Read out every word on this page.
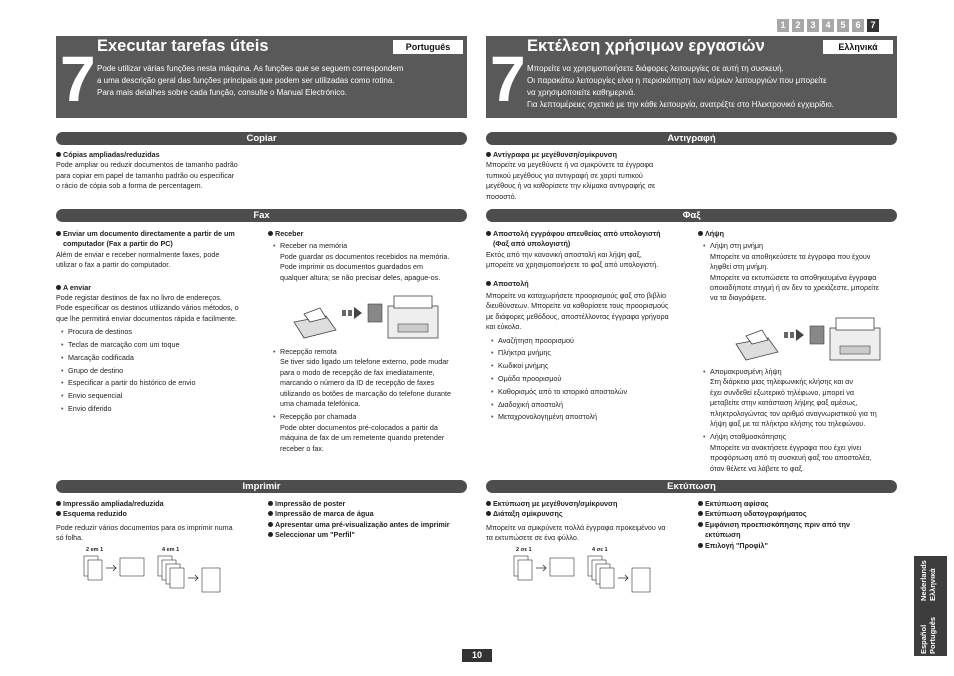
1	2	3	4	5	6	7
7 Executar tarefas úteis	Português
Pode utilizar várias funções nesta máquina. As funções que se seguem correspondem
a uma descrição geral das funções principais que podem ser utilizadas como rotina.
Para mais detalhes sobre cada função, consulte o Manual Electrónico.
Copiar
Cópias ampliadas/reduzidas
Pode ampliar ou reduzir documentos de tamanho padrão
para copiar em papel de tamanho padrão ou especificar
o rácio de cópia sob a forma de percentagem.
Fax
Enviar um documento directamente a partir de um
computador (Fax a partir do PC)
Além de enviar e receber normalmente faxes, pode
utilizar o fax a partir do computador.
A enviar
Pode registar destinos de fax no livro de endereços.
Pode especificar os destinos utilizando vários métodos, o
que lhe permitirá enviar documentos rápida e facilmente.
• Procura de destinos
• Teclas de marcação com um toque
• Marcação codificada
• Grupo de destino
• Especificar a partir do histórico de envio
• Envio sequencial
• Envio diferido
Receber
• Receber na memória
Pode guardar os documentos recebidos na memória.
Pode imprimir os documentos guardados em
qualquer altura; se não precisar deles, apague-os.
• Recepção remota
Se tiver sido ligado um telefone externo, pode mudar
para o modo de recepção de fax imediatamente,
marcando o número da ID de recepção de faxes
utilizando os botões de marcação do telefone durante
uma chamada telefónica.
• Recepção por chamada
Pode obter documentos pré-colocados a partir da
máquina de fax de um remetente quando pretender
receber o fax.
Imprimir
Impressão ampliada/reduzida
Esquema reduzido
Pode reduzir vários documentos para os imprimir numa
só folha.
Impressão de poster
Impressão de marca de água
Apresentar uma pré-visualização antes de imprimir
Seleccionar um "Perfil"
2 em 1	4 em 1
7 Εκτέλεση χρήσιμων εργασιών	Ελληνικά
Μπορείτε να χρησιμοποιήσετε διάφορες λειτουργίες σε αυτή τη συσκευή.
Οι παρακάτω λειτουργίες είναι η περισκόπηση των κύριων λειτουργιών που μπορείτε
να χρησιμοποιείτε καθημερινά.
Για λεπτομέρειες σχετικά με την κάθε λειτουργία, ανατρέξτε στο Ηλεκτρονικό εγχειρίδιο.
Αντιγραφή
Αντίγραφα με μεγέθυνση/σμίκρυνση
Μπορείτε να μεγεθύνετε ή να σμικρύνετε τα έγγραφα
τυπικού μεγέθους για αντιγραφή σε χαρτί τυπικού
μεγέθους ή να καθορίσετε την κλίμακα αντιγραφής σε
ποσοστό.
Φαξ
Αποστολή εγγράφου απευθείας από υπολογιστή
(Φαξ από υπολογιστή)
Εκτός από την κανονική αποστολή και λήψη φαξ,
μπορείτε να χρησιμοποιήσετε το φαξ από υπολογιστή.
Αποστολή
Μπορείτε να καταχωρήσετε προορισμούς φαξ στο βιβλίο
διευθύνσεων. Μπορείτε να καθορίσετε τους προορισμούς
με διάφορες μεθόδους, αποστέλλοντας έγγραφα γρήγορα
και εύκολα.
• Αναζήτηση προορισμού
• Πλήκτρα μνήμης
• Κωδικοί μνήμης
• Ομάδα προορισμού
• Καθορισμός από το ιστορικό αποστολών
• Διαδοχική αποστολή
• Μεταχρονολογημένη αποστολή
Λήψη
• Λήψη στη μνήμη
Μπορείτε να αποθηκεύσετε τα έγγραφα που έχουν
ληφθεί στη μνήμη.
Μπορείτε να εκτυπώσετε τα αποθηκευμένα έγγραφα
οποιαδήποτε στιγμή ή αν δεν τα χρειάζεστε, μπορείτε
να τα διαγράψετε.
• Απομακρυσμένη λήψη
Στη διάρκεια μιας τηλεφωνικής κλήσης και αν
έχει συνδεθεί εξωτερικό τηλέφωνο, μπορεί να
μεταβείτε στην κατάσταση λήψης φαξ αμέσως,
πληκτρολογώντας τον αριθμό αναγνωριστικού για τη
λήψη φαξ με τα πλήκτρα κλήσης του τηλεφώνου.
• Λήψη σταθμοσκόπησης
Μπορείτε να ανακτήσετε έγγραφα που έχει γίνει
προφόρτωση από τη συσκευή φαξ του αποστολέα,
όταν θέλετε να λάβετε το φαξ.
Εκτύπωση
Εκτύπωση με μεγέθυνση/σμίκρυνση
Διάταξη σμίκρυνσης
Μπορείτε να σμικρύνετε πολλά έγγραφα προκειμένου να
τα εκτυπώσετε σε ένα φύλλο.
Εκτύπωση αφίσας
Εκτύπωση υδατογραφήματος
Εμφάνιση προεπισκόπησης πριν από την
εκτύπωση
Επιλογή "Προφίλ"
2 σε 1	4 σε 1
Español Português
Nederlands Ελληνικά
10
